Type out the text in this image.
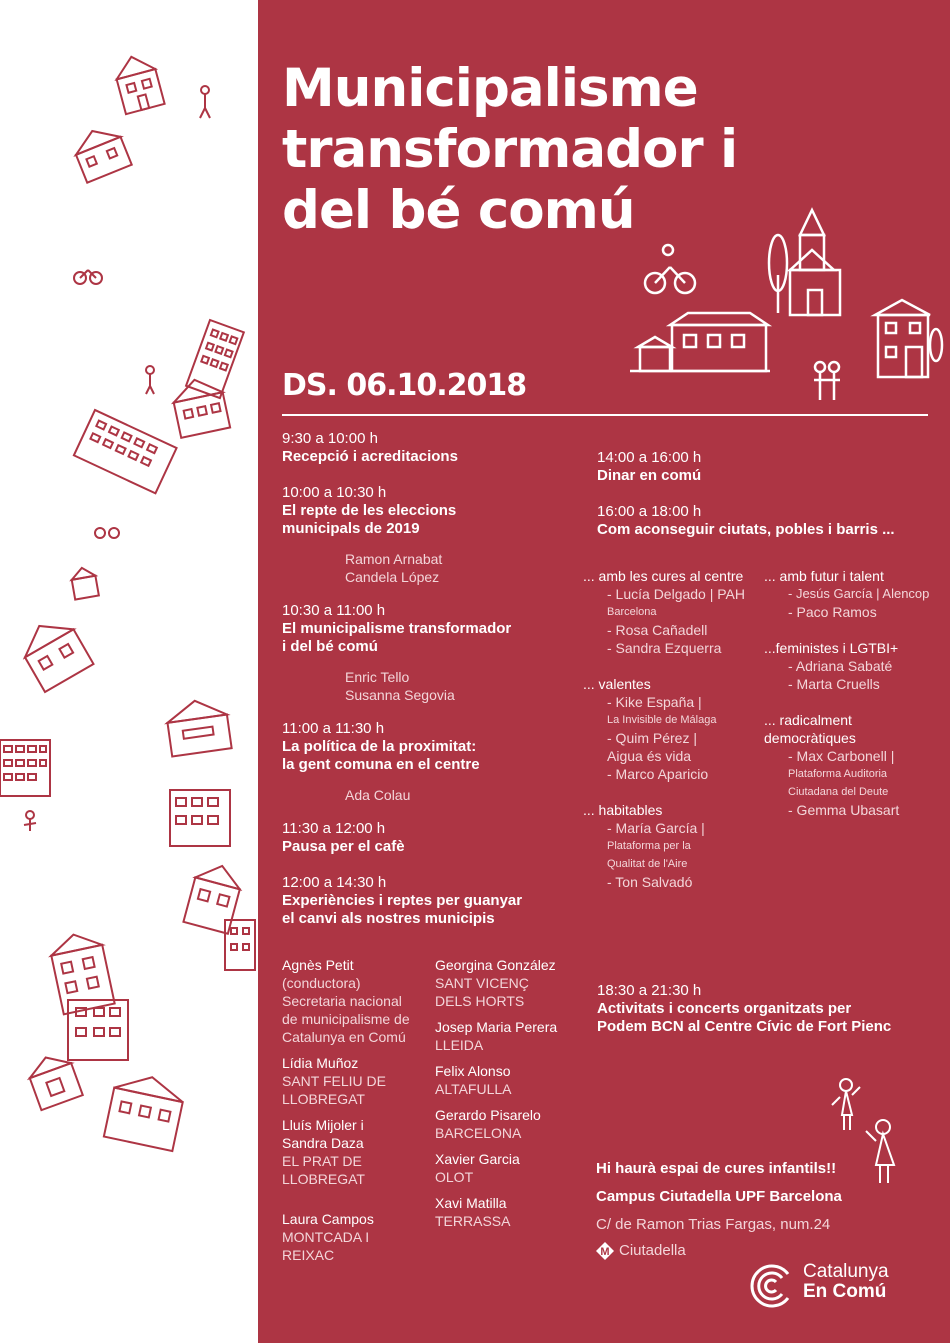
Municipalisme
transformador i
del bé comú
DS. 06.10.2018
9:30 a 10:00 h
Recepció i acreditacions
10:00 a 10:30 h
El repte de les eleccions
municipals de 2019
Ramon Arnabat
Candela López
10:30 a 11:00 h
El municipalisme transformador
i del bé comú
Enric Tello
Susanna Segovia
11:00 a 11:30 h
La política de la proximitat:
la gent comuna en el centre
Ada Colau
11:30 a 12:00 h
Pausa per el cafè
12:00 a 14:30 h
Experiències i reptes per guanyar
el canvi als nostres municipis
Agnès Petit
(conductora)
Secretaria nacional
de municipalisme de
Catalunya en Comú
Lídia Muñoz
SANT FELIU DE
LLOBREGAT
Lluís Mijoler i
Sandra Daza
EL PRAT DE
LLOBREGAT
Laura Campos
MONTCADA I
REIXAC
Georgina González
SANT VICENÇ
DELS HORTS
Josep Maria Perera
LLEIDA
Felix Alonso
ALTAFULLA
Gerardo Pisarelo
BARCELONA
Xavier Garcia
OLOT
Xavi Matilla
TERRASSA
14:00 a 16:00 h
Dinar en comú
16:00 a 18:00 h
Com aconseguir ciutats, pobles i barris ...
... amb les cures al centre
- Lucía Delgado | PAH
Barcelona
- Rosa Cañadell
- Sandra Ezquerra
... valentes
- Kike España |
La Invisible de Málaga
- Quim Pérez |
Aigua és vida
- Marco Aparicio
... habitables
- María García |
Plataforma per la
Qualitat de l'Aire
- Ton Salvadó
... amb futur i talent
- Jesús García | Alencop
- Paco Ramos
...feministes i LGTBI+
- Adriana Sabaté
- Marta Cruells
... radicalment
democràtiques
- Max Carbonell |
Plataforma Auditoria
Ciutadana del Deute
- Gemma Ubasart
18:30 a 21:30 h
Activitats i concerts organitzats per
Podem BCN al Centre Cívic de Fort Pienc
Hi haurà espai de cures infantils!!
Campus Ciutadella UPF Barcelona
C/ de Ramon Trias Fargas, num.24
M Ciutadella
Catalunya
En Comú
